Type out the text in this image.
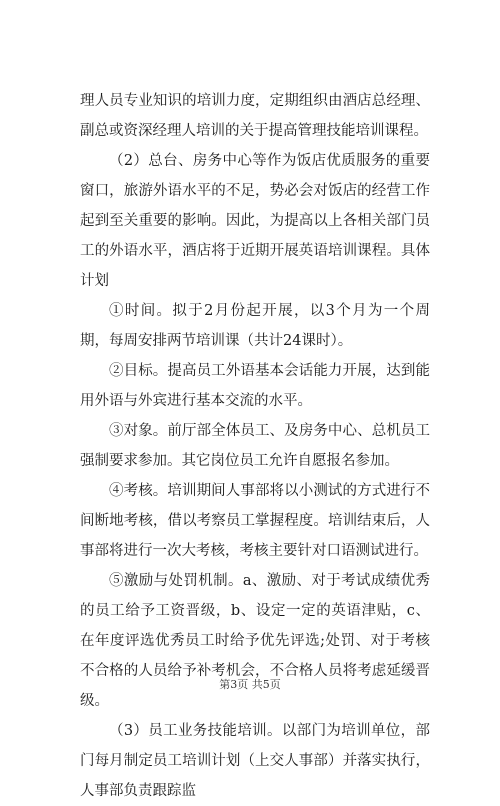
理人员专业知识的培训力度，定期组织由酒店总经理、副总或资深经理人培训的关于提高管理技能培训课程。

（2）总台、房务中心等作为饭店优质服务的重要窗口，旅游外语水平的不足，势必会对饭店的经营工作起到至关重要的影响。因此，为提高以上各相关部门员工的外语水平，酒店将于近期开展英语培训课程。具体计划

①时间。拟于2月份起开展，以3个月为一个周期，每周安排两节培训课（共计24课时）。

②目标。提高员工外语基本会话能力开展，达到能用外语与外宾进行基本交流的水平。

③对象。前厅部全体员工、及房务中心、总机员工强制要求参加。其它岗位员工允许自愿报名参加。

④考核。培训期间人事部将以小测试的方式进行不间断地考核，借以考察员工掌握程度。培训结束后，人事部将进行一次大考核，考核主要针对口语测试进行。

⑤激励与处罚机制。a、激励、对于考试成绩优秀的员工给予工资晋级，b、设定一定的英语津贴，c、在年度评选优秀员工时给予优先评选;处罚、对于考核不合格的人员给予补考机会，不合格人员将考虑延缓晋级。

（3）员工业务技能培训。以部门为培训单位，部门每月制定员工培训计划（上交人事部）并落实执行，人事部负责跟踪监

第3页 共5页
